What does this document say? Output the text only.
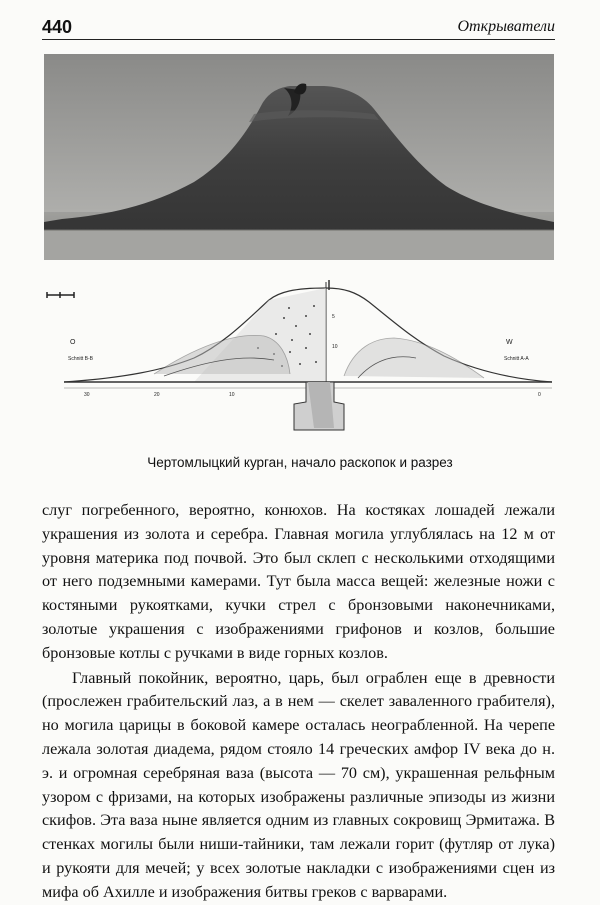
440	Открыватели
O
Schnitt B-B
W
Schnitt A-A
30	20	10	0
5
10
Чертомлыцкий курган, начало раскопок и разрез

слуг погребенного, вероятно, конюхов. На костяках лошадей лежали украшения из золота и серебра. Главная могила углублялась на 12 м от уровня материка под почвой. Это был склеп с несколькими отходящими от него подземными камерами. Тут была масса вещей: железные ножи с костяными рукоятками, кучки стрел с бронзовыми наконечниками, золотые украшения с изображениями грифонов и козлов, большие бронзовые котлы с ручками в виде горных козлов.

Главный покойник, вероятно, царь, был ограблен еще в древности (прослежен грабительский лаз, а в нем — скелет заваленного грабителя), но могила царицы в боковой камере осталась неограбленной. На черепе лежала золотая диадема, рядом стояло 14 греческих амфор IV века до н. э. и огромная серебряная ваза (высота — 70 см), украшенная рельфным узором с фризами, на которых изображены различные эпизоды из жизни скифов. Эта ваза ныне является одним из главных сокровищ Эрмитажа. В стенках могилы были ниши-тайники, там лежали горит (футляр от лука) и рукояти для мечей; у всех золотые накладки с изображениями сцен из мифа об Ахилле и изображения битвы греков с варварами.
